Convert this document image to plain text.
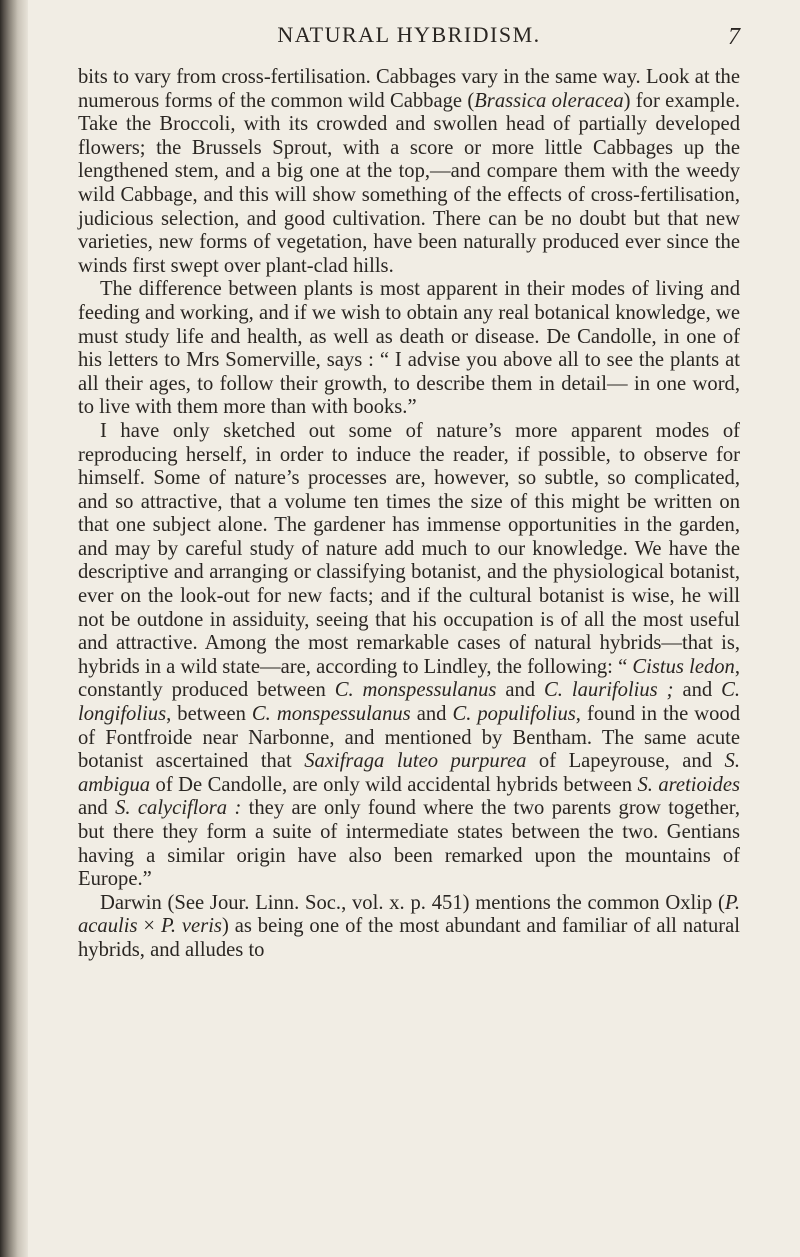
NATURAL HYBRIDISM.	7

bits to vary from cross-fertilisation. Cabbages vary in the same way. Look at the numerous forms of the common wild Cabbage (Brassica oleracea) for example. Take the Broccoli, with its crowded and swollen head of partially developed flowers; the Brussels Sprout, with a score or more little Cabbages up the lengthened stem, and a big one at the top,—and compare them with the weedy wild Cabbage, and this will show something of the effects of cross-fertilisation, judicious selection, and good cultivation. There can be no doubt but that new varieties, new forms of vegetation, have been naturally produced ever since the winds first swept over plant-clad hills.

The difference between plants is most apparent in their modes of living and feeding and working, and if we wish to obtain any real botanical knowledge, we must study life and health, as well as death or disease. De Candolle, in one of his letters to Mrs Somerville, says : “ I advise you above all to see the plants at all their ages, to follow their growth, to describe them in detail— in one word, to live with them more than with books.”

I have only sketched out some of nature’s more apparent modes of reproducing herself, in order to induce the reader, if possible, to observe for himself. Some of nature’s processes are, however, so subtle, so complicated, and so attractive, that a volume ten times the size of this might be written on that one subject alone. The gardener has immense opportunities in the garden, and may by careful study of nature add much to our knowledge. We have the descriptive and arranging or classifying botanist, and the physiological botanist, ever on the look-out for new facts; and if the cultural botanist is wise, he will not be outdone in assiduity, seeing that his occupation is of all the most useful and attractive. Among the most remarkable cases of natural hybrids—that is, hybrids in a wild state—are, according to Lindley, the following: “ Cistus ledon, constantly produced between C. monspessulanus and C. laurifolius ; and C. longifolius, between C. monspessulanus and C. populifolius, found in the wood of Fontfroide near Narbonne, and mentioned by Bentham. The same acute botanist ascertained that Saxifraga luteo purpurea of Lapeyrouse, and S. ambigua of De Candolle, are only wild accidental hybrids between S. aretioides and S. calyciflora : they are only found where the two parents grow together, but there they form a suite of intermediate states between the two. Gentians having a similar origin have also been remarked upon the mountains of Europe.”

Darwin (See Jour. Linn. Soc., vol. x. p. 451) mentions the common Oxlip (P. acaulis × P. veris) as being one of the most abundant and familiar of all natural hybrids, and alludes to
